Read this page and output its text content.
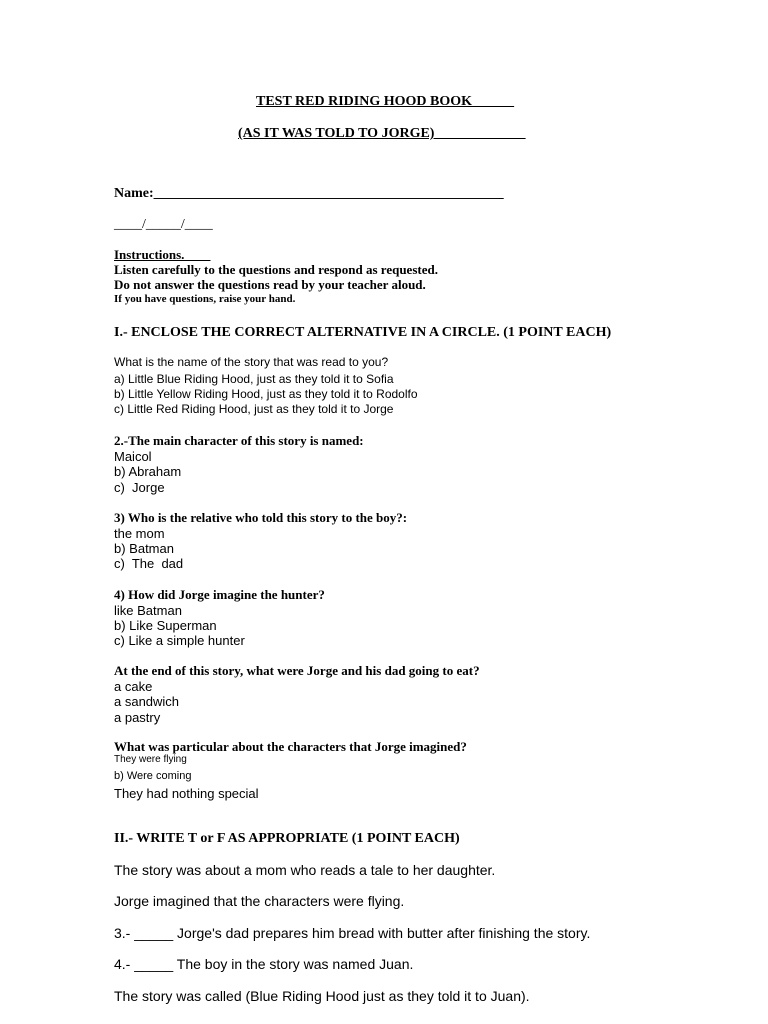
TEST RED RIDING HOOD BOOK______
(AS IT WAS TOLD TO JORGE)_____________
Name:__________________________________________________
____/_____/____
Instructions.____
Listen carefully to the questions and respond as requested.
Do not answer the questions read by your teacher aloud.
If you have questions, raise your hand.
I.- ENCLOSE THE CORRECT ALTERNATIVE IN A CIRCLE. (1 POINT EACH)
What is the name of the story that was read to you?
a) Little Blue Riding Hood, just as they told it to Sofia
b) Little Yellow Riding Hood, just as they told it to Rodolfo
c) Little Red Riding Hood, just as they told it to Jorge
2.-The main character of this story is named:
Maicol
b) Abraham
c)  Jorge
3) Who is the relative who told this story to the boy?:
the mom
b) Batman
c)  The  dad
4) How did Jorge imagine the hunter?
like Batman
b) Like Superman
c) Like a simple hunter
At the end of this story, what were Jorge and his dad going to eat?
a cake
a sandwich
a pastry
What was particular about the characters that Jorge imagined?
They were flying
b) Were coming
They had nothing special
II.- WRITE T or F AS APPROPRIATE (1 POINT EACH)
The story was about a mom who reads a tale to her daughter.
Jorge imagined that the characters were flying.
3.- _____ Jorge's dad prepares him bread with butter after finishing the story.
4.- _____ The boy in the story was named Juan.
The story was called (Blue Riding Hood just as they told it to Juan).
